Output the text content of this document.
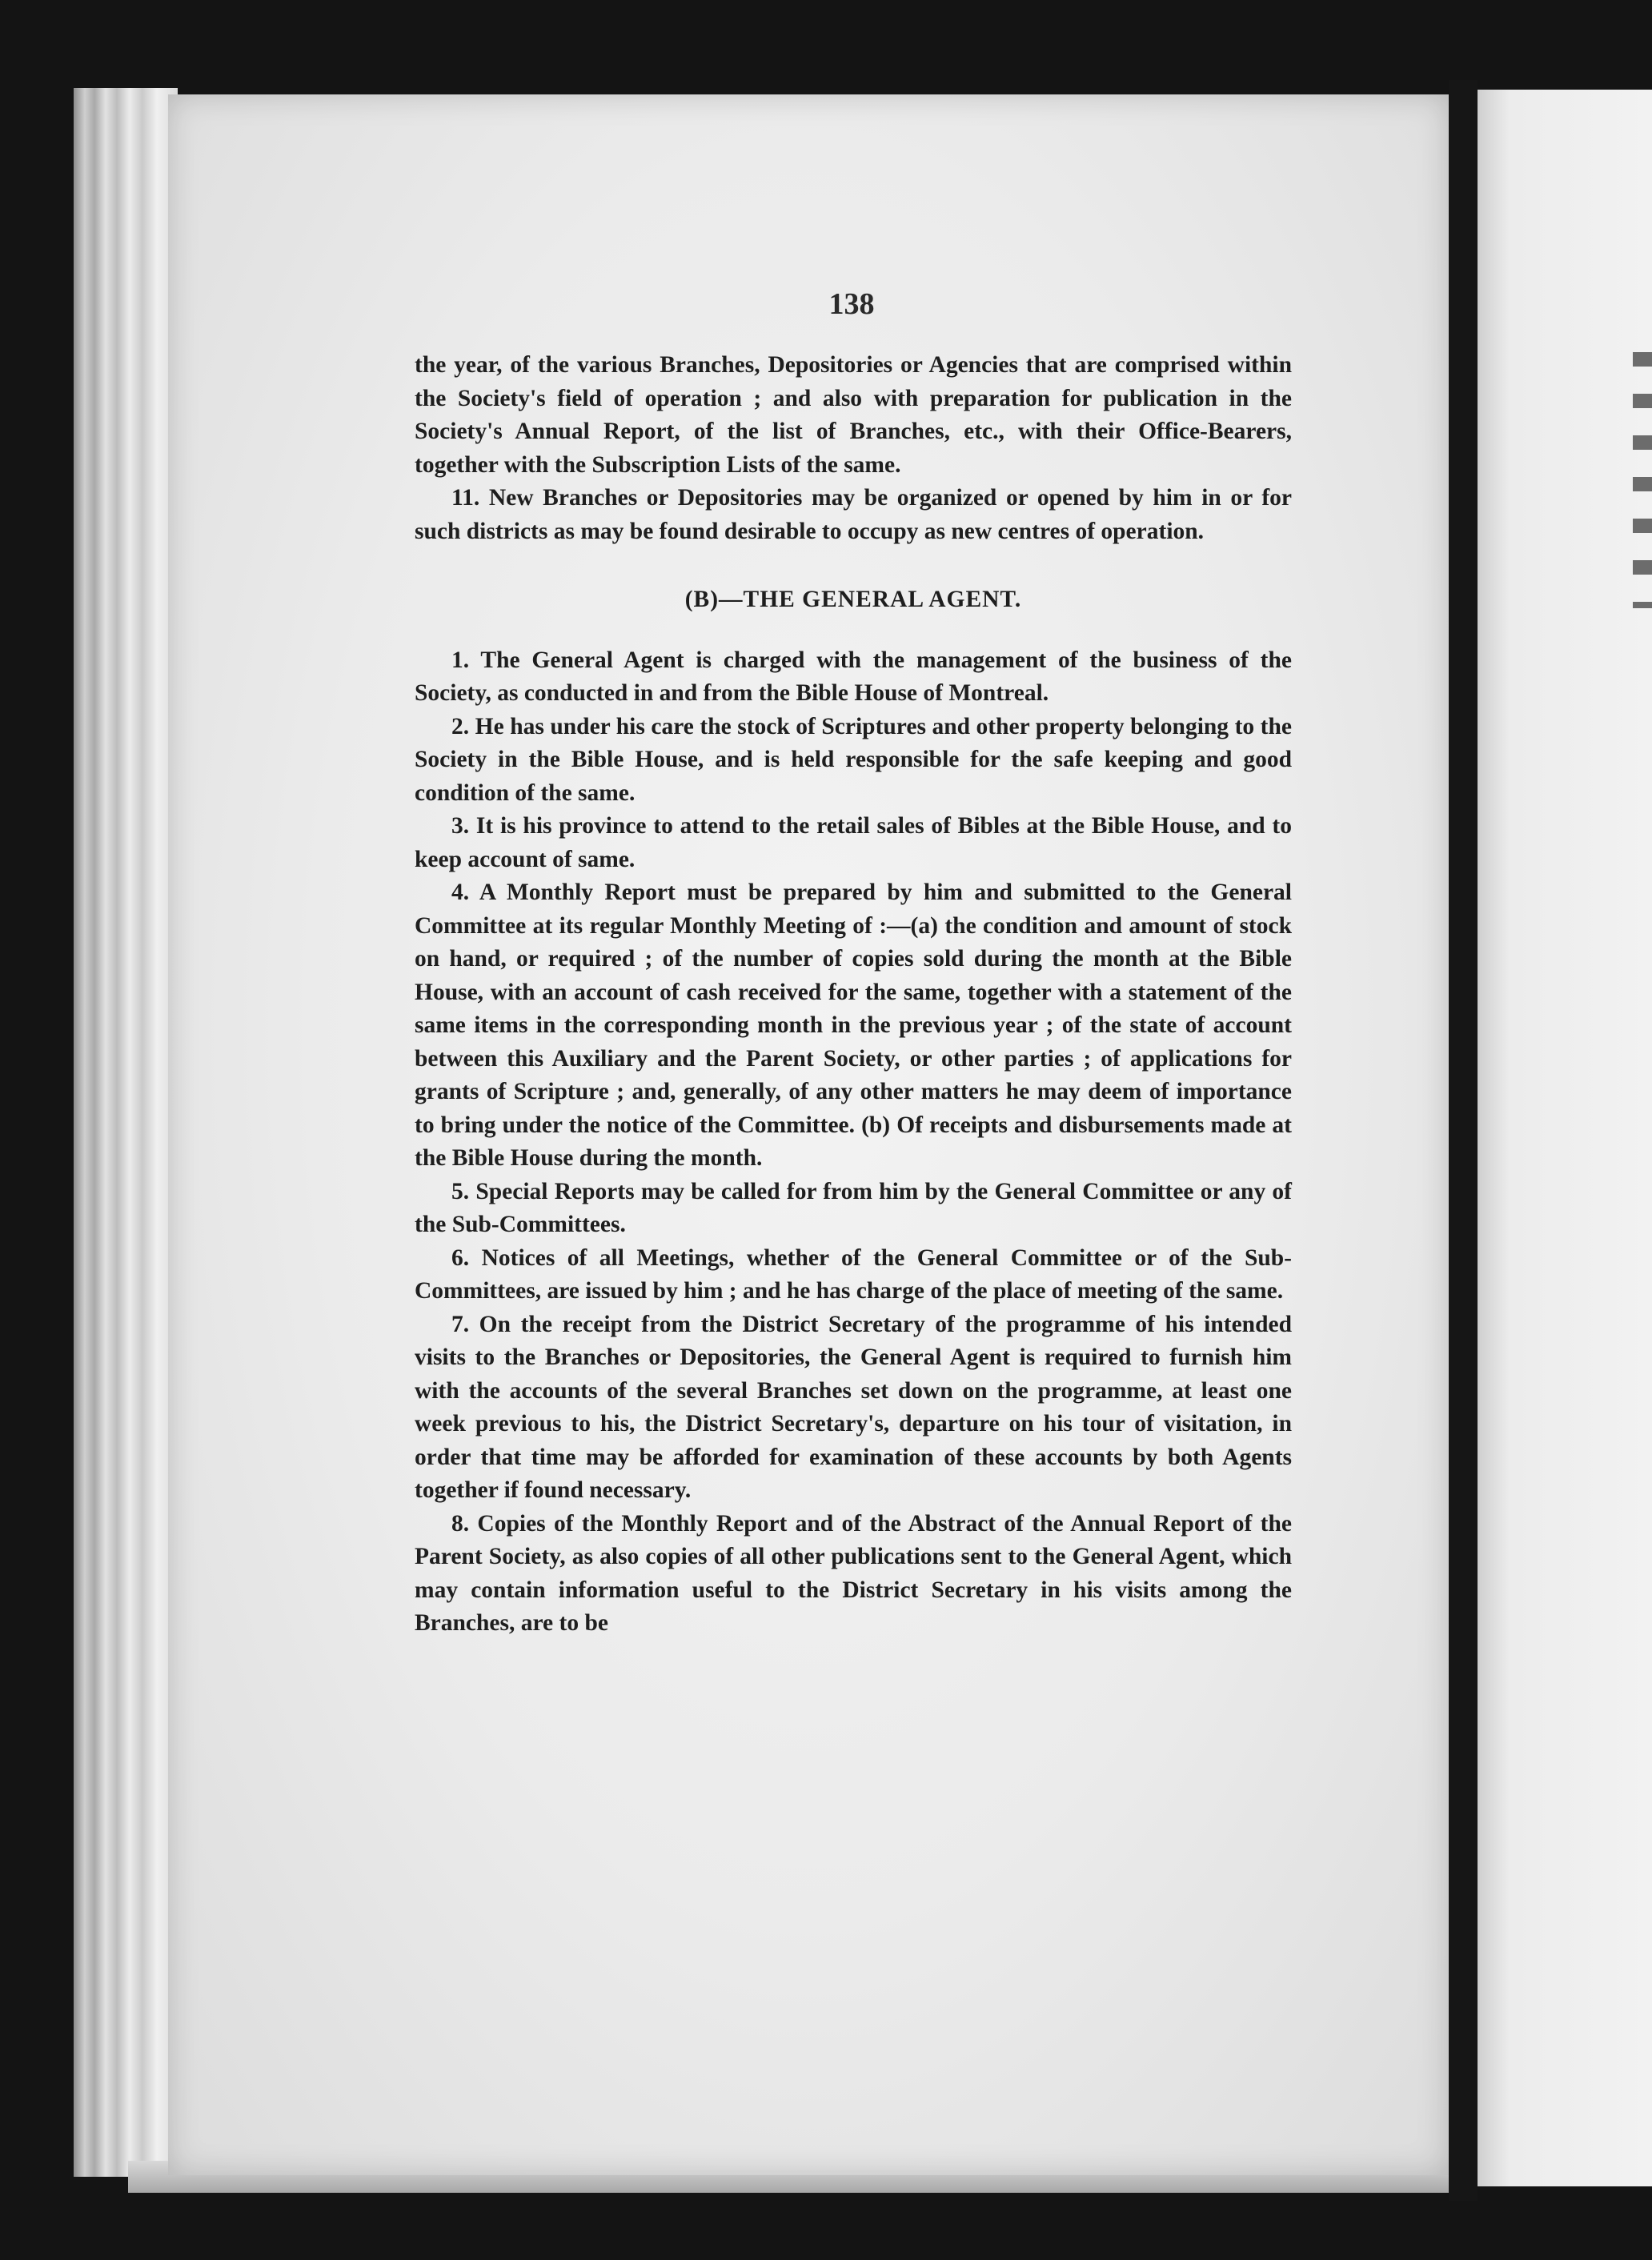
138

the year, of the various Branches, Depositories or Agencies that are comprised within the Society's field of operation ; and also with preparation for publication in the Society's Annual Report, of the list of Branches, etc., with their Office-Bearers, together with the Subscription Lists of the same.

11. New Branches or Depositories may be organized or opened by him in or for such districts as may be found desirable to occupy as new centres of operation.

(B)—THE GENERAL AGENT.

1. The General Agent is charged with the management of the business of the Society, as conducted in and from the Bible House of Montreal.

2. He has under his care the stock of Scriptures and other property belonging to the Society in the Bible House, and is held responsible for the safe keeping and good condition of the same.

3. It is his province to attend to the retail sales of Bibles at the Bible House, and to keep account of same.

4. A Monthly Report must be prepared by him and submitted to the General Committee at its regular Monthly Meeting of :—(a) the condition and amount of stock on hand, or required ; of the number of copies sold during the month at the Bible House, with an account of cash received for the same, together with a statement of the same items in the corresponding month in the previous year ; of the state of account between this Auxiliary and the Parent Society, or other parties ; of applications for grants of Scripture ; and, generally, of any other matters he may deem of importance to bring under the notice of the Committee. (b) Of receipts and disbursements made at the Bible House during the month.

5. Special Reports may be called for from him by the General Committee or any of the Sub-Committees.

6. Notices of all Meetings, whether of the General Committee or of the Sub-Committees, are issued by him ; and he has charge of the place of meeting of the same.

7. On the receipt from the District Secretary of the programme of his intended visits to the Branches or Depositories, the General Agent is required to furnish him with the accounts of the several Branches set down on the programme, at least one week previous to his, the District Secretary's, departure on his tour of visitation, in order that time may be afforded for examination of these accounts by both Agents together if found necessary.

8. Copies of the Monthly Report and of the Abstract of the Annual Report of the Parent Society, as also copies of all other publications sent to the General Agent, which may contain information useful to the District Secretary in his visits among the Branches, are to be
